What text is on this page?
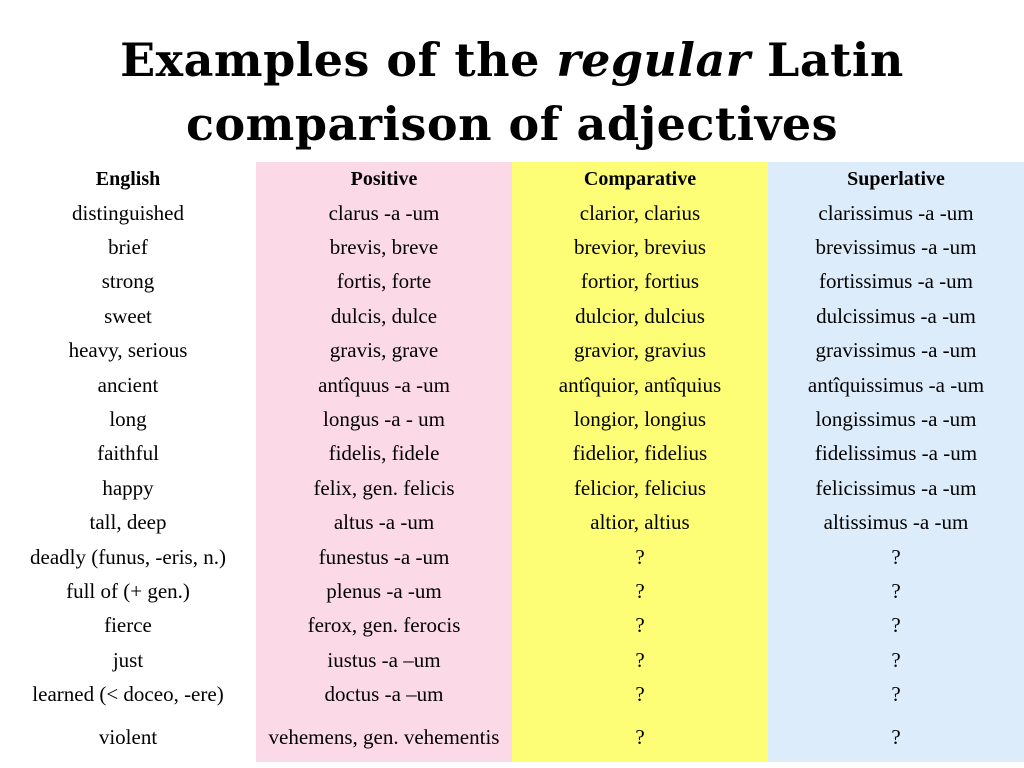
Examples of the regular Latin
comparison of adjectives
English	Positive	Comparative	Superlative
distinguished	clarus -a -um	clarior, clarius	clarissimus -a -um
brief	brevis, breve	brevior, brevius	brevissimus -a -um
strong	fortis, forte	fortior, fortius	fortissimus -a -um
sweet	dulcis, dulce	dulcior, dulcius	dulcissimus -a -um
heavy, serious	gravis, grave	gravior, gravius	gravissimus -a -um
ancient	antîquus -a -um	antîquior, antîquius	antîquissimus -a -um
long	longus -a - um	longior, longius	longissimus -a -um
faithful	fidelis, fidele	fidelior, fidelius	fidelissimus -a -um
happy	felix, gen. felicis	felicior, felicius	felicissimus -a -um
tall, deep	altus -a -um	altior, altius	altissimus -a -um
deadly (funus, -eris, n.)	funestus -a -um	?	?
full of (+ gen.)	plenus -a -um	?	?
fierce	ferox, gen. ferocis	?	?
just	iustus -a –um	?	?
learned (< doceo, -ere)	doctus -a –um	?	?
violent	vehemens, gen. vehementis	?	?
